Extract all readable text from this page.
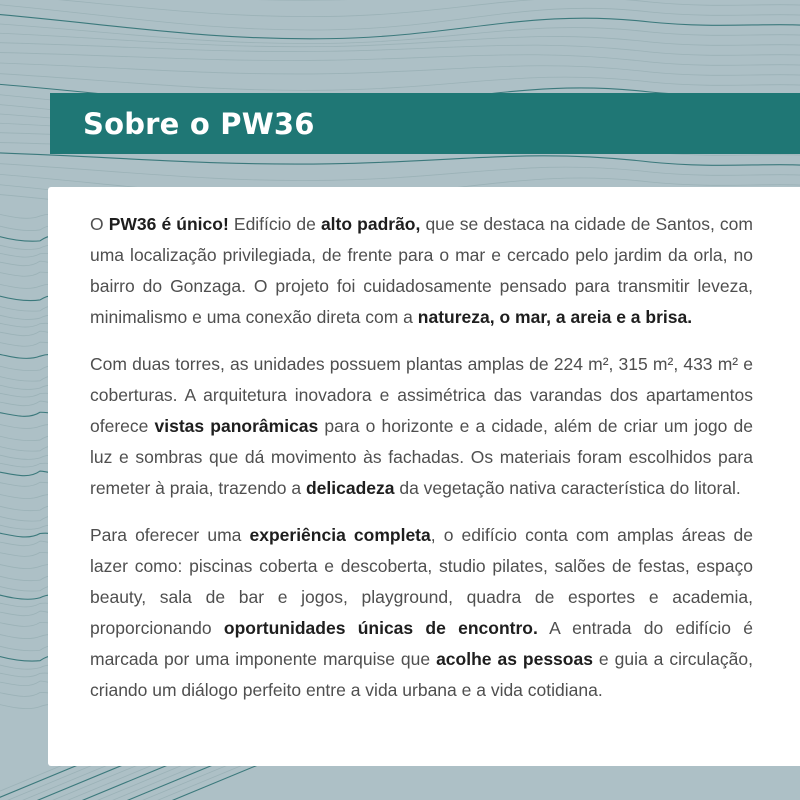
Sobre o PW36

O PW36 é único! Edifício de alto padrão, que se destaca na cidade de Santos, com uma localização privilegiada, de frente para o mar e cercado pelo jardim da orla, no bairro do Gonzaga. O projeto foi cuidadosamente pensado para transmitir leveza, minimalismo e uma conexão direta com a natureza, o mar, a areia e a brisa.

Com duas torres, as unidades possuem plantas amplas de 224 m², 315 m², 433 m² e coberturas. A arquitetura inovadora e assimétrica das varandas dos apartamentos oferece vistas panorâmicas para o horizonte e a cidade, além de criar um jogo de luz e sombras que dá movimento às fachadas. Os materiais foram escolhidos para remeter à praia, trazendo a delicadeza da vegetação nativa característica do litoral.

Para oferecer uma experiência completa, o edifício conta com amplas áreas de lazer como: piscinas coberta e descoberta, studio pilates, salões de festas, espaço beauty, sala de bar e jogos, playground, quadra de esportes e academia, proporcionando oportunidades únicas de encontro. A entrada do edifício é marcada por uma imponente marquise que acolhe as pessoas e guia a circulação, criando um diálogo perfeito entre a vida urbana e a vida cotidiana.
